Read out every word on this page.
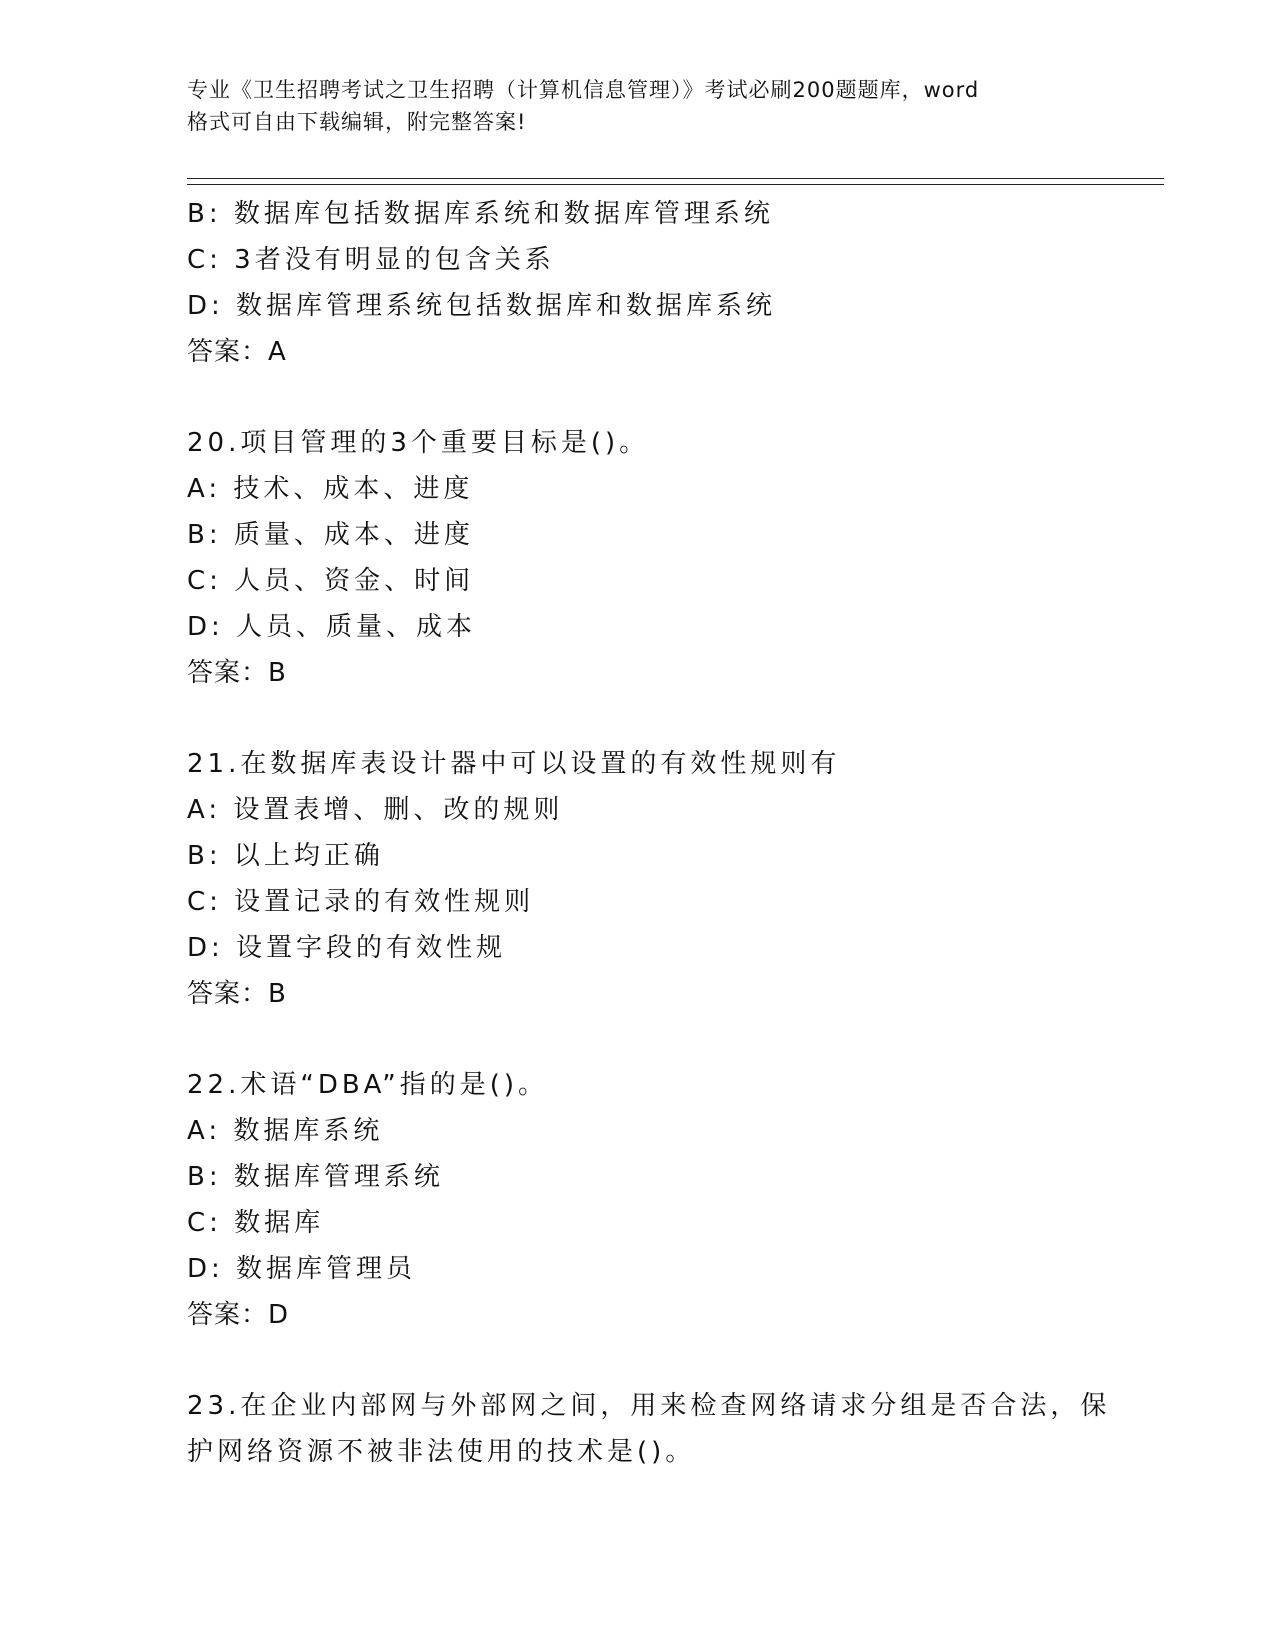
专业《卫生招聘考试之卫生招聘（计算机信息管理）》考试必刷200题题库，word
格式可自由下载编辑，附完整答案!
B: 数据库包括数据库系统和数据库管理系统
C: 3者没有明显的包含关系
D: 数据库管理系统包括数据库和数据库系统
答案：A
20.项目管理的3个重要目标是()。
A: 技术、成本、进度
B: 质量、成本、进度
C: 人员、资金、时间
D: 人员、质量、成本
答案：B
21.在数据库表设计器中可以设置的有效性规则有
A: 设置表增、删、改的规则
B: 以上均正确
C: 设置记录的有效性规则
D: 设置字段的有效性规
答案：B
22.术语“DBA”指的是()。
A: 数据库系统
B: 数据库管理系统
C: 数据库
D: 数据库管理员
答案：D
23.在企业内部网与外部网之间，用来检查网络请求分组是否合法，保
护网络资源不被非法使用的技术是()。
